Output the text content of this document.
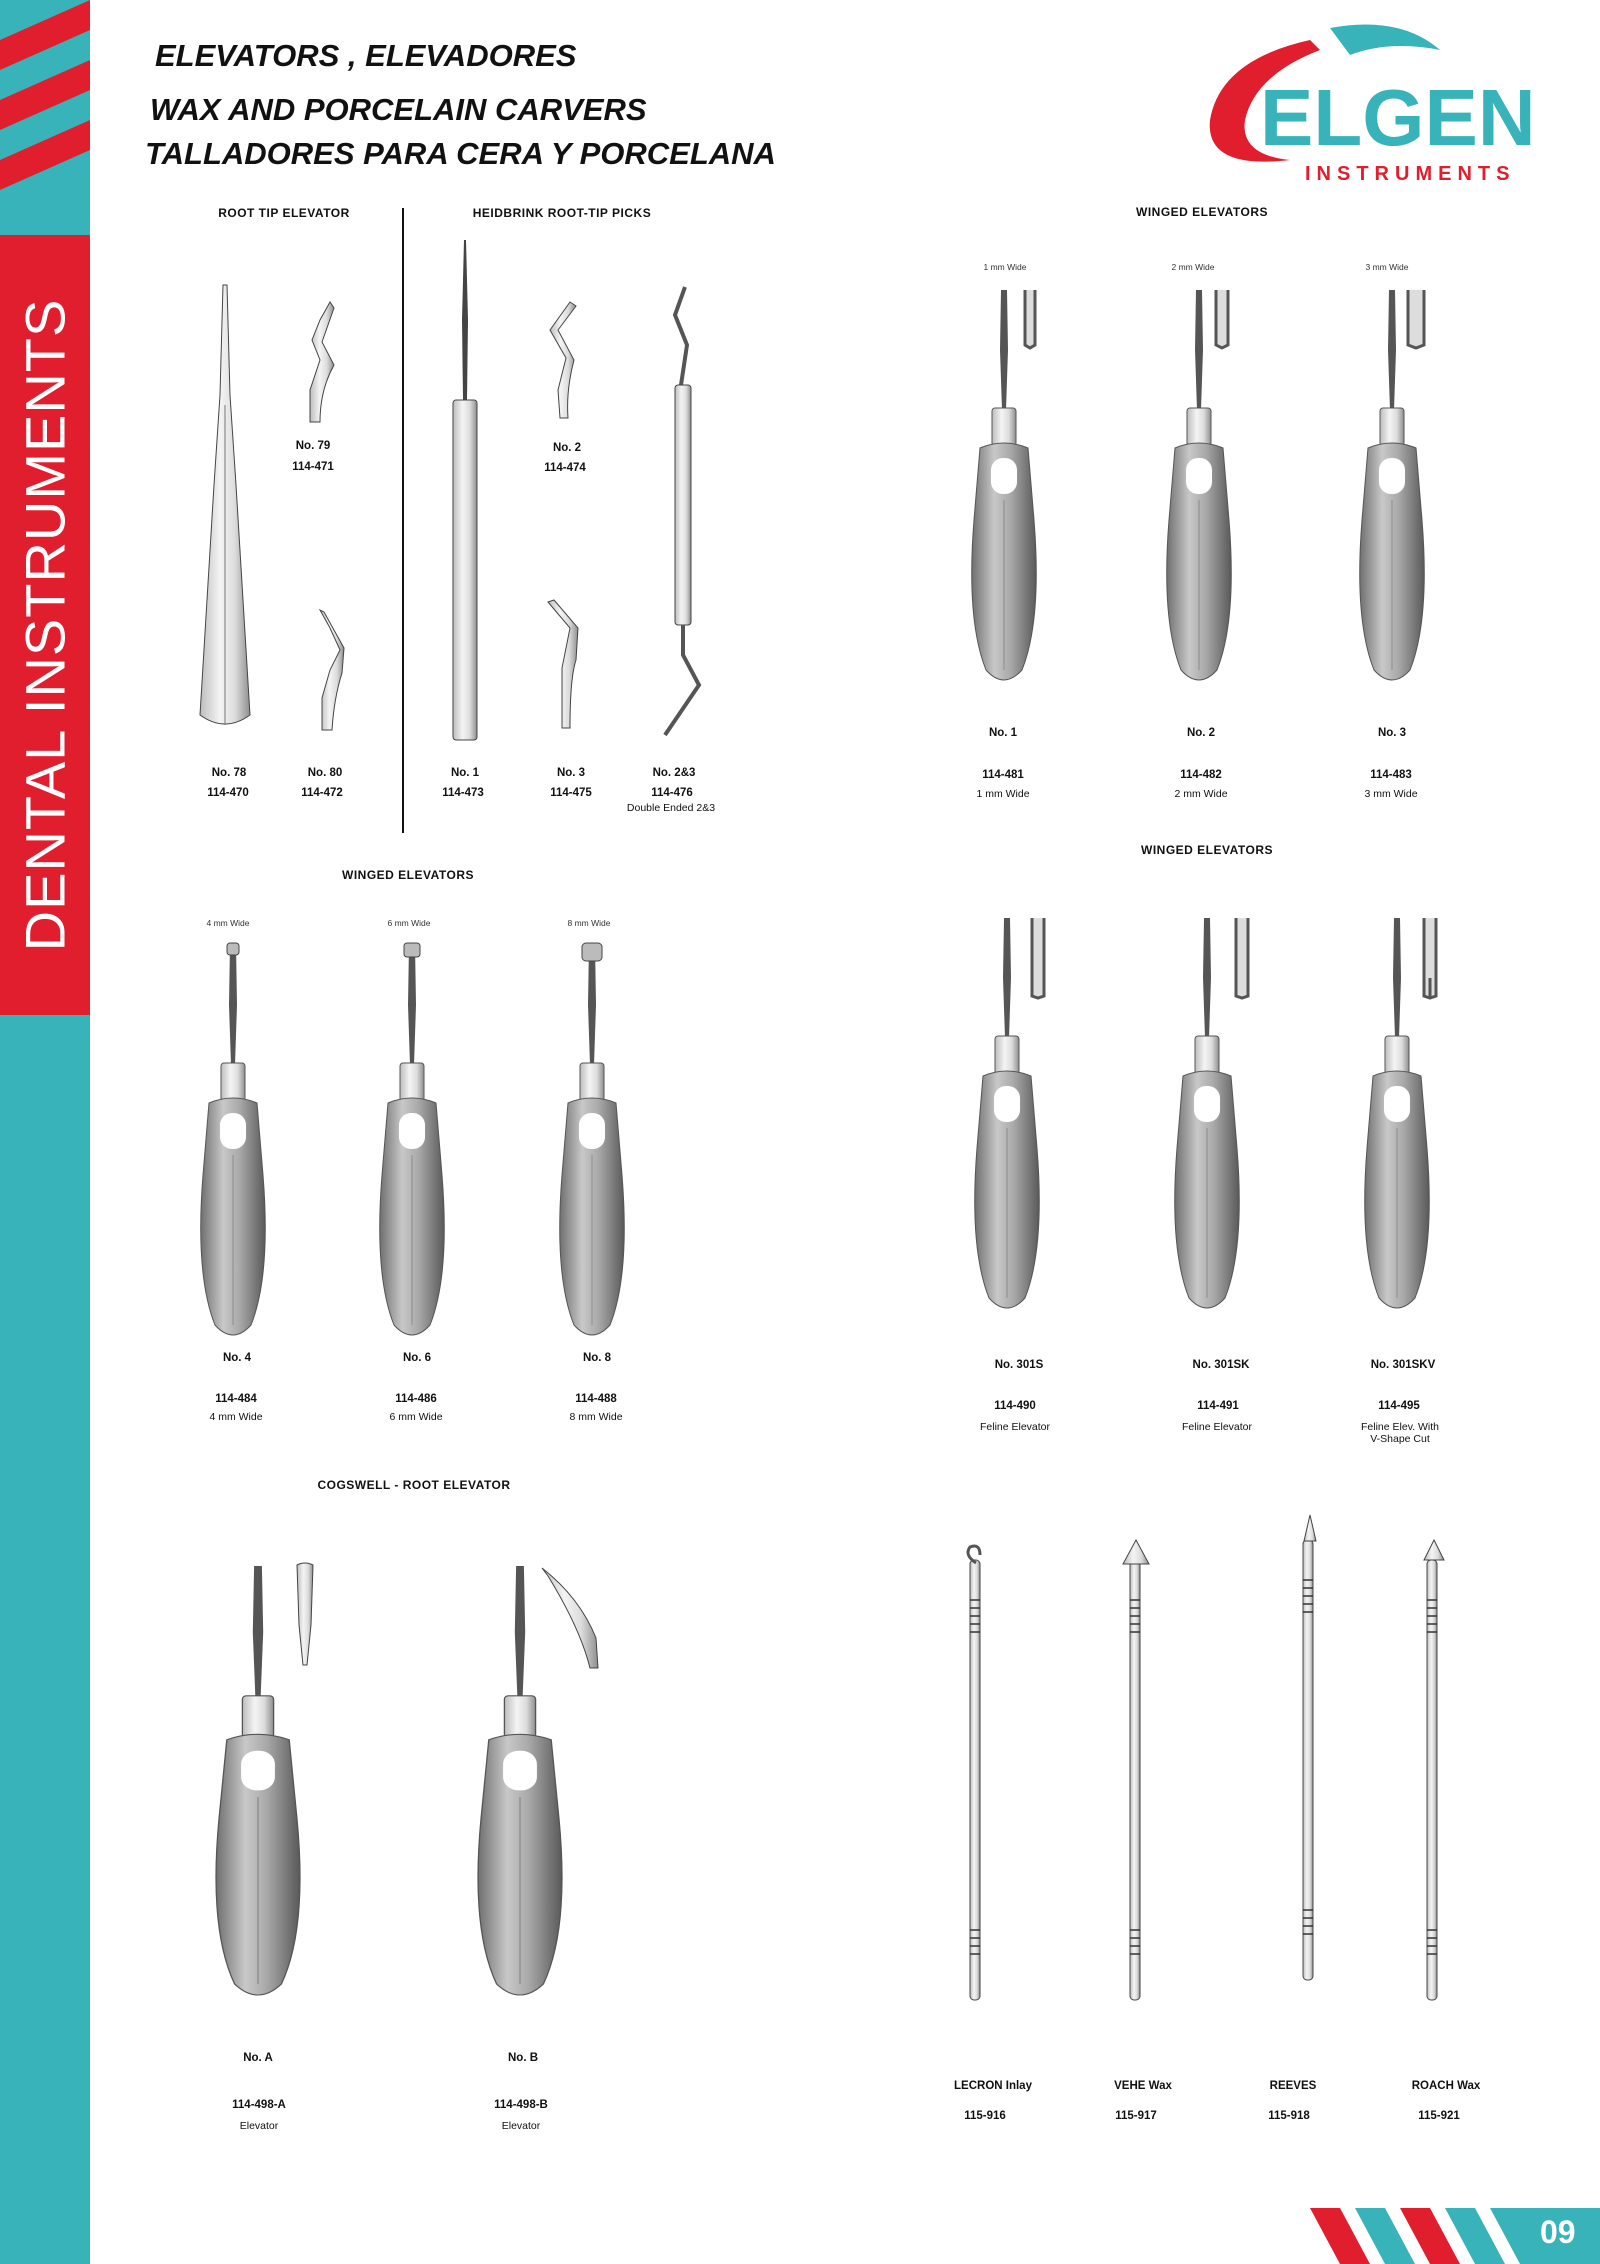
DENTAL INSTRUMENTS
ELEVATORS , ELEVADORES
WAX AND PORCELAIN CARVERS
TALLADORES PARA CERA Y PORCELANA	ELGEN
INSTRUMENTS
ROOT TIP ELEVATOR
No. 79
114-471
No. 78
114-470
No. 80
114-472
HEIDBRINK ROOT-TIP PICKS
No. 2
114-474
No. 1
114-473
No. 3
114-475
No. 2&3
114-476
Double Ended 2&3
WINGED ELEVATORS
1 mm Wide	2 mm Wide	3 mm Wide
No. 1	No. 2	No. 3
114-481	114-482	114-483
1 mm Wide	2 mm Wide	3 mm Wide
WINGED ELEVATORS
4 mm Wide	6 mm Wide	8 mm Wide
No. 4	No. 6	No. 8
114-484	114-486	114-488
4 mm Wide	6 mm Wide	8 mm Wide
WINGED ELEVATORS
No. 301S	No. 301SK	No. 301SKV
114-490	114-491	114-495
Feline Elevator	Feline Elevator	Feline Elev. With
V-Shape Cut
COGSWELL - ROOT ELEVATOR
No. A	No. B
114-498-A	114-498-B
Elevator	Elevator
LECRON Inlay	VEHE Wax	REEVES	ROACH Wax
115-916	115-917	115-918	115-921
09
